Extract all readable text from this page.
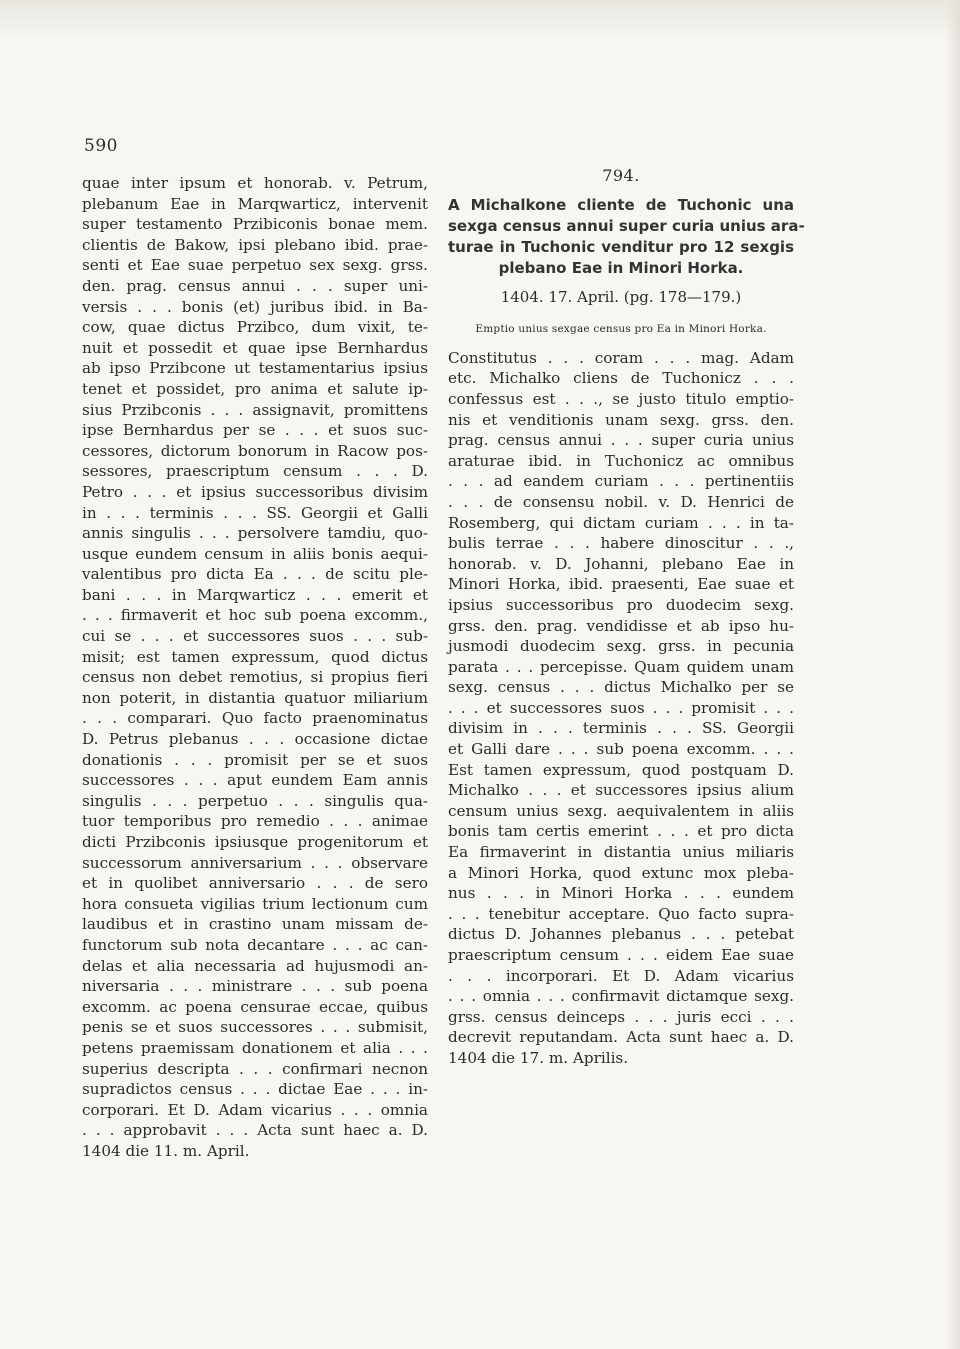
590
quae inter ipsum et honorab. v. Petrum,
plebanum Eae in Marqwarticz, intervenit
super testamento Przibiconis bonae mem.
clientis de Bakow, ipsi plebano ibid. prae-
senti et Eae suae perpetuo sex sexg. grss.
den. prag. census annui . . . super uni-
versis . . . bonis (et) juribus ibid. in Ba-
cow, quae dictus Przibco, dum vixit, te-
nuit et possedit et quae ipse Bernhardus
ab ipso Przibcone ut testamentarius ipsius
tenet et possidet, pro anima et salute ip-
sius Przibconis . . . assignavit, promittens
ipse Bernhardus per se . . . et suos suc-
cessores, dictorum bonorum in Racow pos-
sessores, praescriptum censum . . . D.
Petro . . . et ipsius successoribus divisim
in . . . terminis . . . SS. Georgii et Galli
annis singulis . . . persolvere tamdiu, quo-
usque eundem censum in aliis bonis aequi-
valentibus pro dicta Ea . . . de scitu ple-
bani . . . in Marqwarticz . . . emerit et
. . . firmaverit et hoc sub poena excomm.,
cui se . . . et successores suos . . . sub-
misit; est tamen expressum, quod dictus
census non debet remotius, si propius fieri
non poterit, in distantia quatuor miliarium
. . . comparari. Quo facto praenominatus
D. Petrus plebanus . . . occasione dictae
donationis . . . promisit per se et suos
successores . . . aput eundem Eam annis
singulis . . . perpetuo . . . singulis qua-
tuor temporibus pro remedio . . . animae
dicti Przibconis ipsiusque progenitorum et
successorum anniversarium . . . observare
et in quolibet anniversario . . . de sero
hora consueta vigilias trium lectionum cum
laudibus et in crastino unam missam de-
functorum sub nota decantare . . . ac can-
delas et alia necessaria ad hujusmodi an-
niversaria . . . ministrare . . . sub poena
excomm. ac poena censurae eccae, quibus
penis se et suos successores . . . submisit,
petens praemissam donationem et alia . . .
superius descripta . . . confirmari necnon
supradictos census . . . dictae Eae . . . in-
corporari. Et D. Adam vicarius . . . omnia
. . . approbavit . . . Acta sunt haec a. D.
1404 die 11. m. April.
794.
A Michalkone cliente de Tuchonic una
sexga census annui super curia unius ara-
turae in Tuchonic venditur pro 12 sexgis
plebano Eae in Minori Horka.
1404. 17. April. (pg. 178—179.)
Emptio unius sexgae census pro Ea in Minori Horka.
Constitutus . . . coram . . . mag. Adam
etc. Michalko cliens de Tuchonicz . . .
confessus est . . ., se justo titulo emptio-
nis et venditionis unam sexg. grss. den.
prag. census annui . . . super curia unius
araturae ibid. in Tuchonicz ac omnibus
. . . ad eandem curiam . . . pertinentiis
. . . de consensu nobil. v. D. Henrici de
Rosemberg, qui dictam curiam . . . in ta-
bulis terrae . . . habere dinoscitur . . .,
honorab. v. D. Johanni, plebano Eae in
Minori Horka, ibid. praesenti, Eae suae et
ipsius successoribus pro duodecim sexg.
grss. den. prag. vendidisse et ab ipso hu-
jusmodi duodecim sexg. grss. in pecunia
parata . . . percepisse. Quam quidem unam
sexg. census . . . dictus Michalko per se
. . . et successores suos . . . promisit . . .
divisim in . . . terminis . . . SS. Georgii
et Galli dare . . . sub poena excomm. . . .
Est tamen expressum, quod postquam D.
Michalko . . . et successores ipsius alium
censum unius sexg. aequivalentem in aliis
bonis tam certis emerint . . . et pro dicta
Ea firmaverint in distantia unius miliaris
a Minori Horka, quod extunc mox pleba-
nus . . . in Minori Horka . . . eundem
. . . tenebitur acceptare. Quo facto supra-
dictus D. Johannes plebanus . . . petebat
praescriptum censum . . . eidem Eae suae
. . . incorporari. Et D. Adam vicarius
. . . omnia . . . confirmavit dictamque sexg.
grss. census deinceps . . . juris ecci . . .
decrevit reputandam. Acta sunt haec a. D.
1404 die 17. m. Aprilis.
